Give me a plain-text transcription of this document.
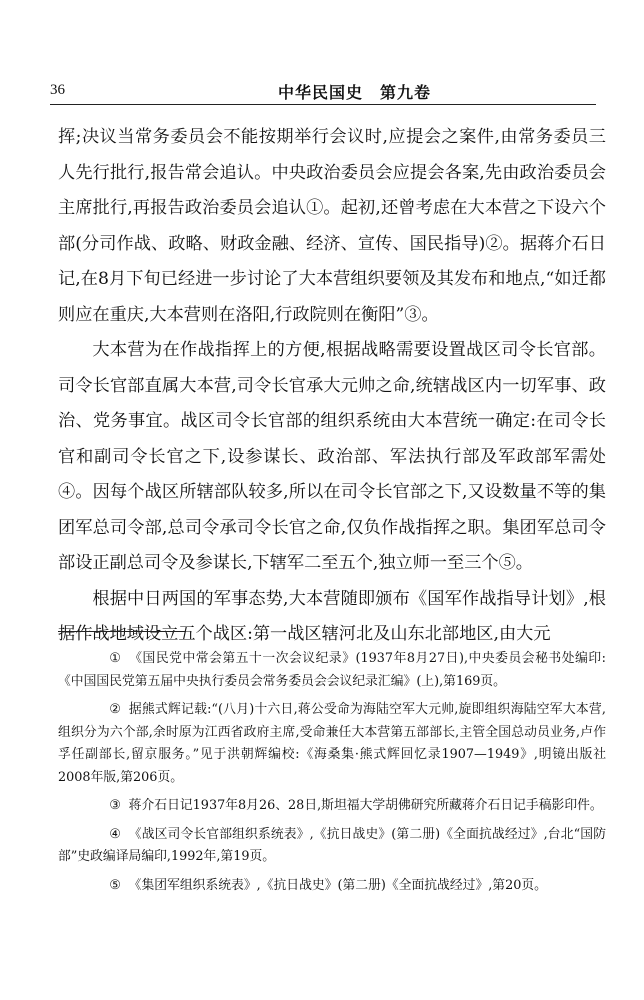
36	中华民国史　第九卷

挥;决议当常务委员会不能按期举行会议时,应提会之案件,由常务委员三人先行批行,报告常会追认。中央政治委员会应提会各案,先由政治委员会主席批行,再报告政治委员会追认①。起初,还曾考虑在大本营之下设六个部(分司作战、政略、财政金融、经济、宣传、国民指导)②。据蒋介石日记,在8月下旬已经进一步讨论了大本营组织要领及其发布和地点,“如迁都则应在重庆,大本营则在洛阳,行政院则在衡阳”③。

大本营为在作战指挥上的方便,根据战略需要设置战区司令长官部。司令长官部直属大本营,司令长官承大元帅之命,统辖战区内一切军事、政治、党务事宜。战区司令长官部的组织系统由大本营统一确定:在司令长官和副司令长官之下,设参谋长、政治部、军法执行部及军政部军需处④。因每个战区所辖部队较多,所以在司令长官部之下,又设数量不等的集团军总司令部,总司令承司令长官之命,仅负作战指挥之职。集团军总司令部设正副总司令及参谋长,下辖军二至五个,独立师一至三个⑤。

根据中日两国的军事态势,大本营随即颁布《国军作战指导计划》,根据作战地域设立五个战区:第一战区辖河北及山东北部地区,由大元

① 《国民党中常会第五十一次会议纪录》(1937年8月27日),中央委员会秘书处编印:《中国国民党第五届中央执行委员会常务委员会会议纪录汇编》(上),第169页。

② 据熊式辉记载:“(八月)十六日,蒋公受命为海陆空军大元帅,旋即组织海陆空军大本营,组织分为六个部,余时原为江西省政府主席,受命兼任大本营第五部部长,主管全国总动员业务,卢作孚任副部长,留京服务。”见于洪朝辉编校:《海桑集·熊式辉回忆录1907—1949》,明镜出版社2008年版,第206页。

③ 蒋介石日记1937年8月26、28日,斯坦福大学胡佛研究所藏蒋介石日记手稿影印件。

④ 《战区司令长官部组织系统表》,《抗日战史》(第二册)《全面抗战经过》,台北“国防部”史政编译局编印,1992年,第19页。

⑤ 《集团军组织系统表》,《抗日战史》(第二册)《全面抗战经过》,第20页。
